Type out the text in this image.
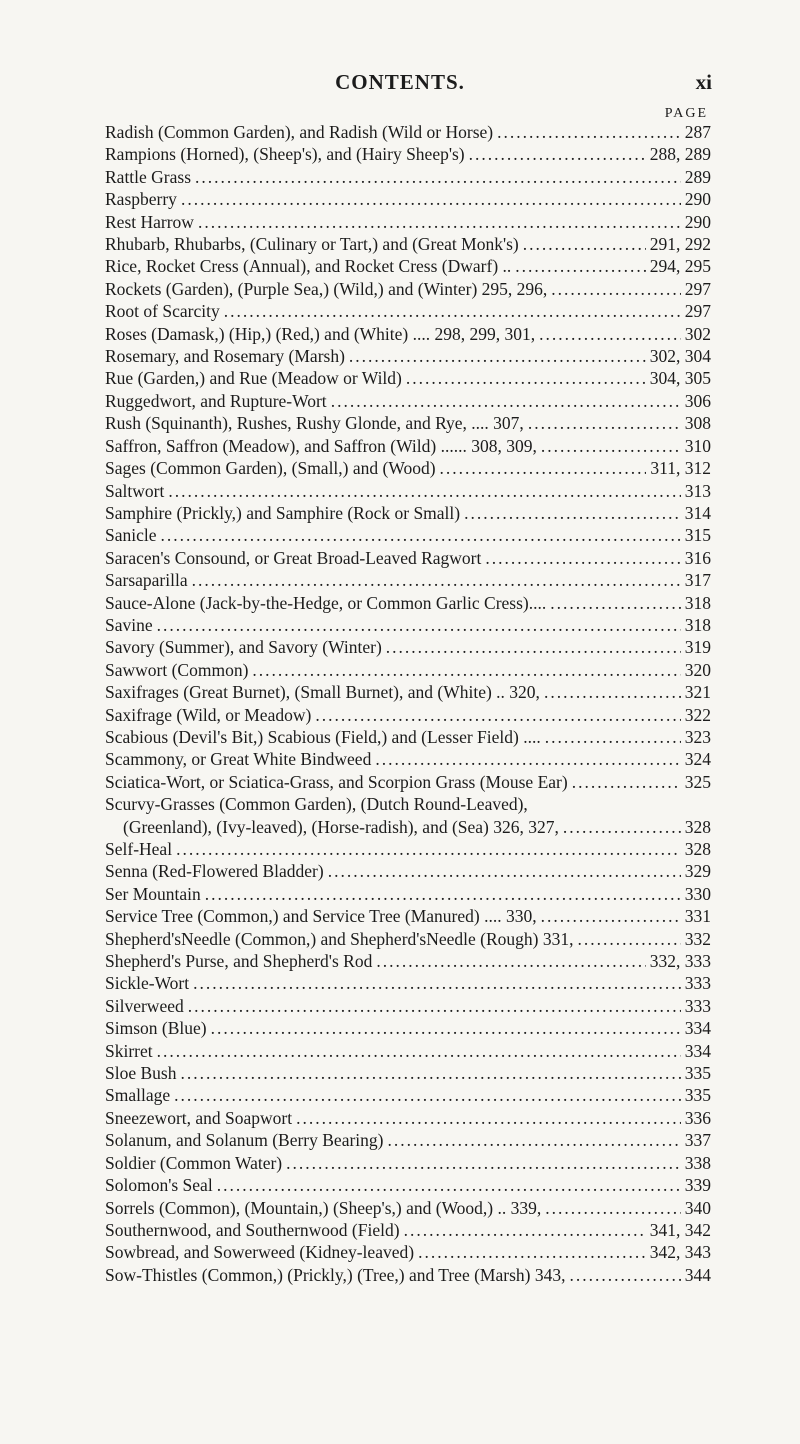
CONTENTS.	xi
PAGE
Radish (Common Garden), and Radish (Wild or Horse) .....	287
Rampions (Horned), (Sheep's), and (Hairy Sheep's) .....	288, 289
Rattle Grass .....	289
Raspberry .....	290
Rest Harrow .....	290
Rhubarb, Rhubarbs, (Culinary or Tart,) and (Great Monk's) .....	291, 292
Rice, Rocket Cress (Annual), and Rocket Cress (Dwarf) .. .....	294, 295
Rockets (Garden), (Purple Sea,) (Wild,) and (Winter) 295, 296, .....	297
Root of Scarcity .....	297
Roses (Damask,) (Hip,) (Red,) and (White) .... 298, 299, 301, .....	302
Rosemary, and Rosemary (Marsh) .....	302, 304
Rue (Garden,) and Rue (Meadow or Wild) .....	304, 305
Ruggedwort, and Rupture-Wort .....	306
Rush (Squinanth), Rushes, Rushy Glonde, and Rye, .... 307, .....	308
Saffron, Saffron (Meadow), and Saffron (Wild) ...... 308, 309, .....	310
Sages (Common Garden), (Small,) and (Wood) .....	311, 312
Saltwort .....	313
Samphire (Prickly,) and Samphire (Rock or Small) .....	314
Sanicle .....	315
Saracen's Consound, or Great Broad-Leaved Ragwort .....	316
Sarsaparilla .....	317
Sauce-Alone (Jack-by-the-Hedge, or Common Garlic Cress).... .....	318
Savine .....	318
Savory (Summer), and Savory (Winter) .....	319
Sawwort (Common) .....	320
Saxifrages (Great Burnet), (Small Burnet), and (White) .. 320, .....	321
Saxifrage (Wild, or Meadow) .....	322
Scabious (Devil's Bit,) Scabious (Field,) and (Lesser Field) .... .....	323
Scammony, or Great White Bindweed .....	324
Sciatica-Wort, or Sciatica-Grass, and Scorpion Grass (Mouse Ear) .....	325
Scurvy-Grasses (Common Garden), (Dutch Round-Leaved),
(Greenland), (Ivy-leaved), (Horse-radish), and (Sea) 326, 327, .....	328
Self-Heal .....	328
Senna (Red-Flowered Bladder) .....	329
Ser Mountain .....	330
Service Tree (Common,) and Service Tree (Manured) .... 330, .....	331
Shepherd'sNeedle (Common,) and Shepherd'sNeedle (Rough) 331, .....	332
Shepherd's Purse, and Shepherd's Rod .....	332, 333
Sickle-Wort .....	333
Silverweed .....	333
Simson (Blue) .....	334
Skirret .....	334
Sloe Bush .....	335
Smallage .....	335
Sneezewort, and Soapwort .....	336
Solanum, and Solanum (Berry Bearing) .....	337
Soldier (Common Water) .....	338
Solomon's Seal .....	339
Sorrels (Common), (Mountain,) (Sheep's,) and (Wood,) .. 339, .....	340
Southernwood, and Southernwood (Field) .....	341, 342
Sowbread, and Sowerweed (Kidney-leaved) .....	342, 343
Sow-Thistles (Common,) (Prickly,) (Tree,) and Tree (Marsh) 343, .....	344
